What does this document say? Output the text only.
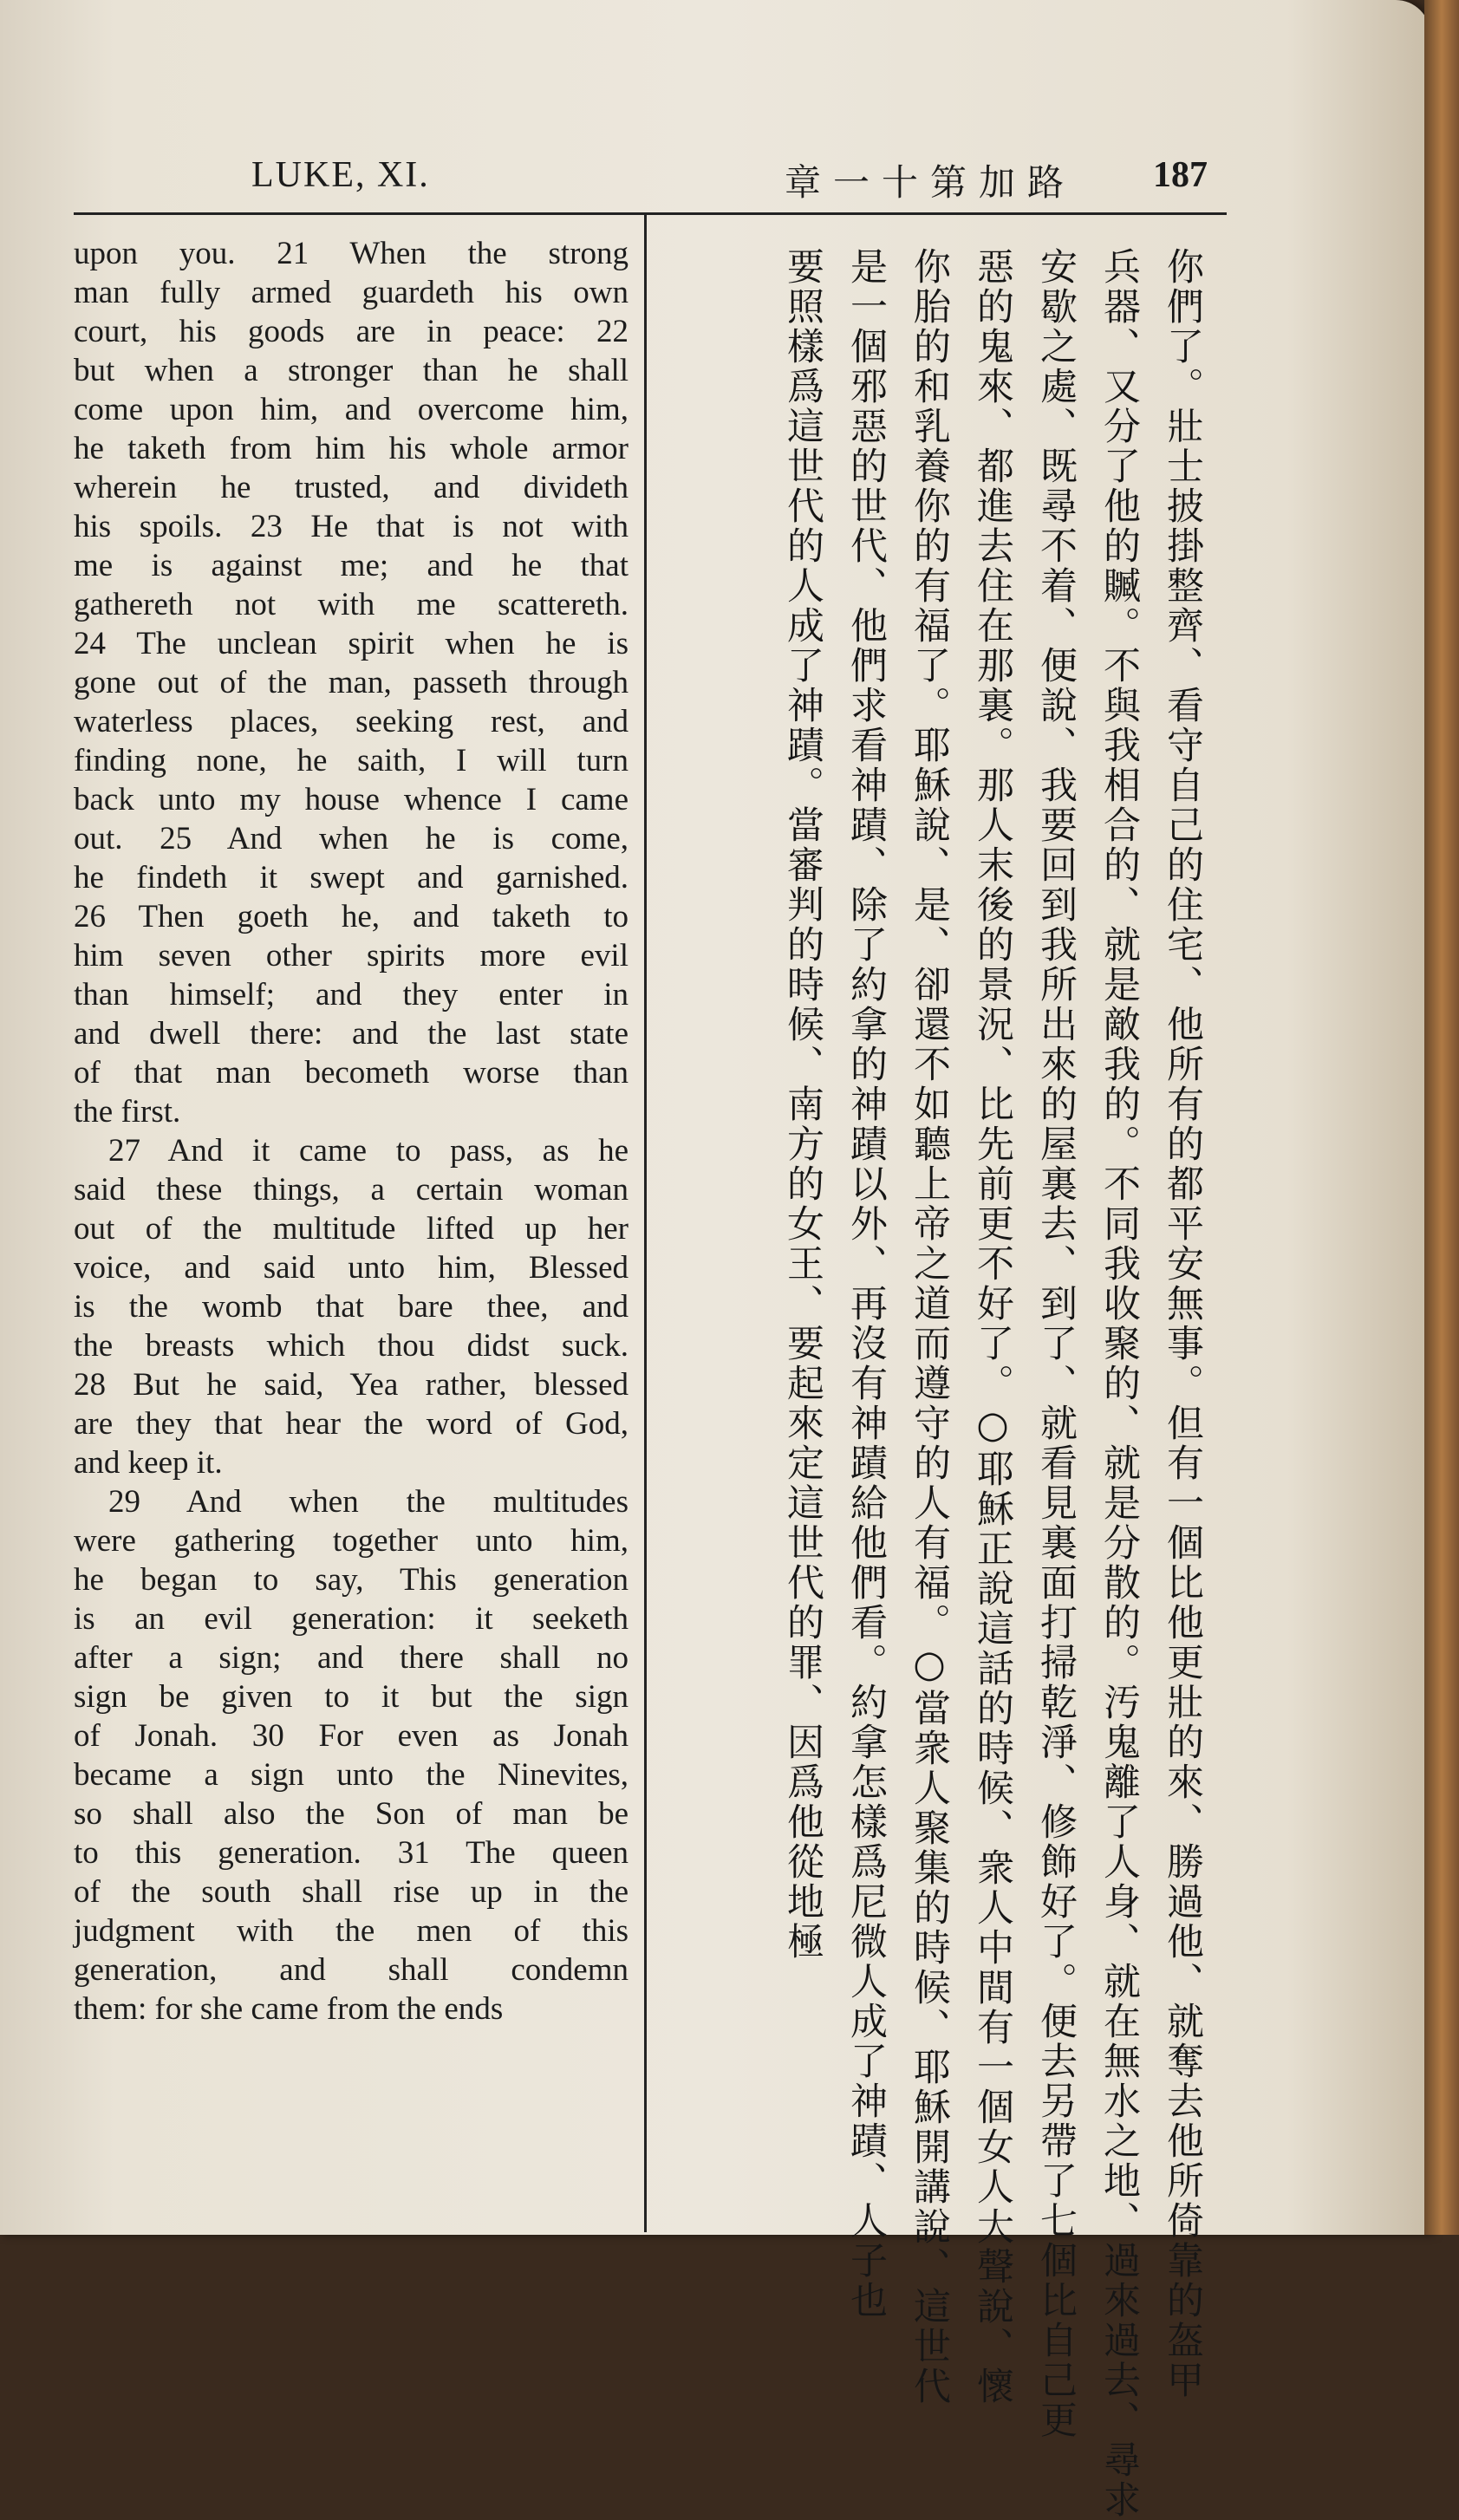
LUKE, XI.	章一十第加路 187
upon you. 21 When the strong
man fully armed guardeth his own
court, his goods are in peace: 22
but when a stronger than he shall
come upon him, and overcome him,
he taketh from him his whole armor
wherein he trusted, and divideth
his spoils. 23 He that is not with
me is against me; and he that
gathereth not with me scattereth.
24 The unclean spirit when he is
gone out of the man, passeth through
waterless places, seeking rest, and
finding none, he saith, I will turn
back unto my house whence I came
out. 25 And when he is come,
he findeth it swept and garnished.
26 Then goeth he, and taketh to
him seven other spirits more evil
than himself; and they enter in
and dwell there: and the last state
of that man becometh worse than
the first.
27 And it came to pass, as he
said these things, a certain woman
out of the multitude lifted up her
voice, and said unto him, Blessed
is the womb that bare thee, and
the breasts which thou didst suck.
28 But he said, Yea rather, blessed
are they that hear the word of God,
and keep it.
29 And when the multitudes
were gathering together unto him,
he began to say, This generation
is an evil generation: it seeketh
after a sign; and there shall no
sign be given to it but the sign
of Jonah. 30 For even as Jonah
became a sign unto the Ninevites,
so shall also the Son of man be
to this generation. 31 The queen
of the south shall rise up in the
judgment with the men of this
generation, and shall condemn
them: for she came from the ends	你們了。壯士披掛整齊、看守自己的住宅、他所有的都平安無事。但有一個比他更壯的來、勝過他、就奪去他所倚靠的盔甲
兵器、又分了他的贓。不與我相合的、就是敵我的。不同我收聚的、就是分散的。汚鬼離了人身、就在無水之地、過來過去、尋求
安歇之處、既尋不着、便說、我要回到我所出來的屋裏去、到了、就看見裏面打掃乾淨、修飾好了。便去另帶了七個比自己更
惡的鬼來、都進去住在那裏。那人末後的景況、比先前更不好了。○耶穌正說這話的時候、衆人中間有一個女人大聲說、懷
你胎的和乳養你的有福了。耶穌說、是、卻還不如聽上帝之道而遵守的人有福。○當衆人聚集的時候、耶穌開講說、這世代
是一個邪惡的世代、他們求看神蹟、除了約拿的神蹟以外、再沒有神蹟給他們看。約拿怎樣爲尼微人成了神蹟、人子也
要照樣爲這世代的人成了神蹟。當審判的時候、南方的女王、要起來定這世代的罪、因爲他從地極
